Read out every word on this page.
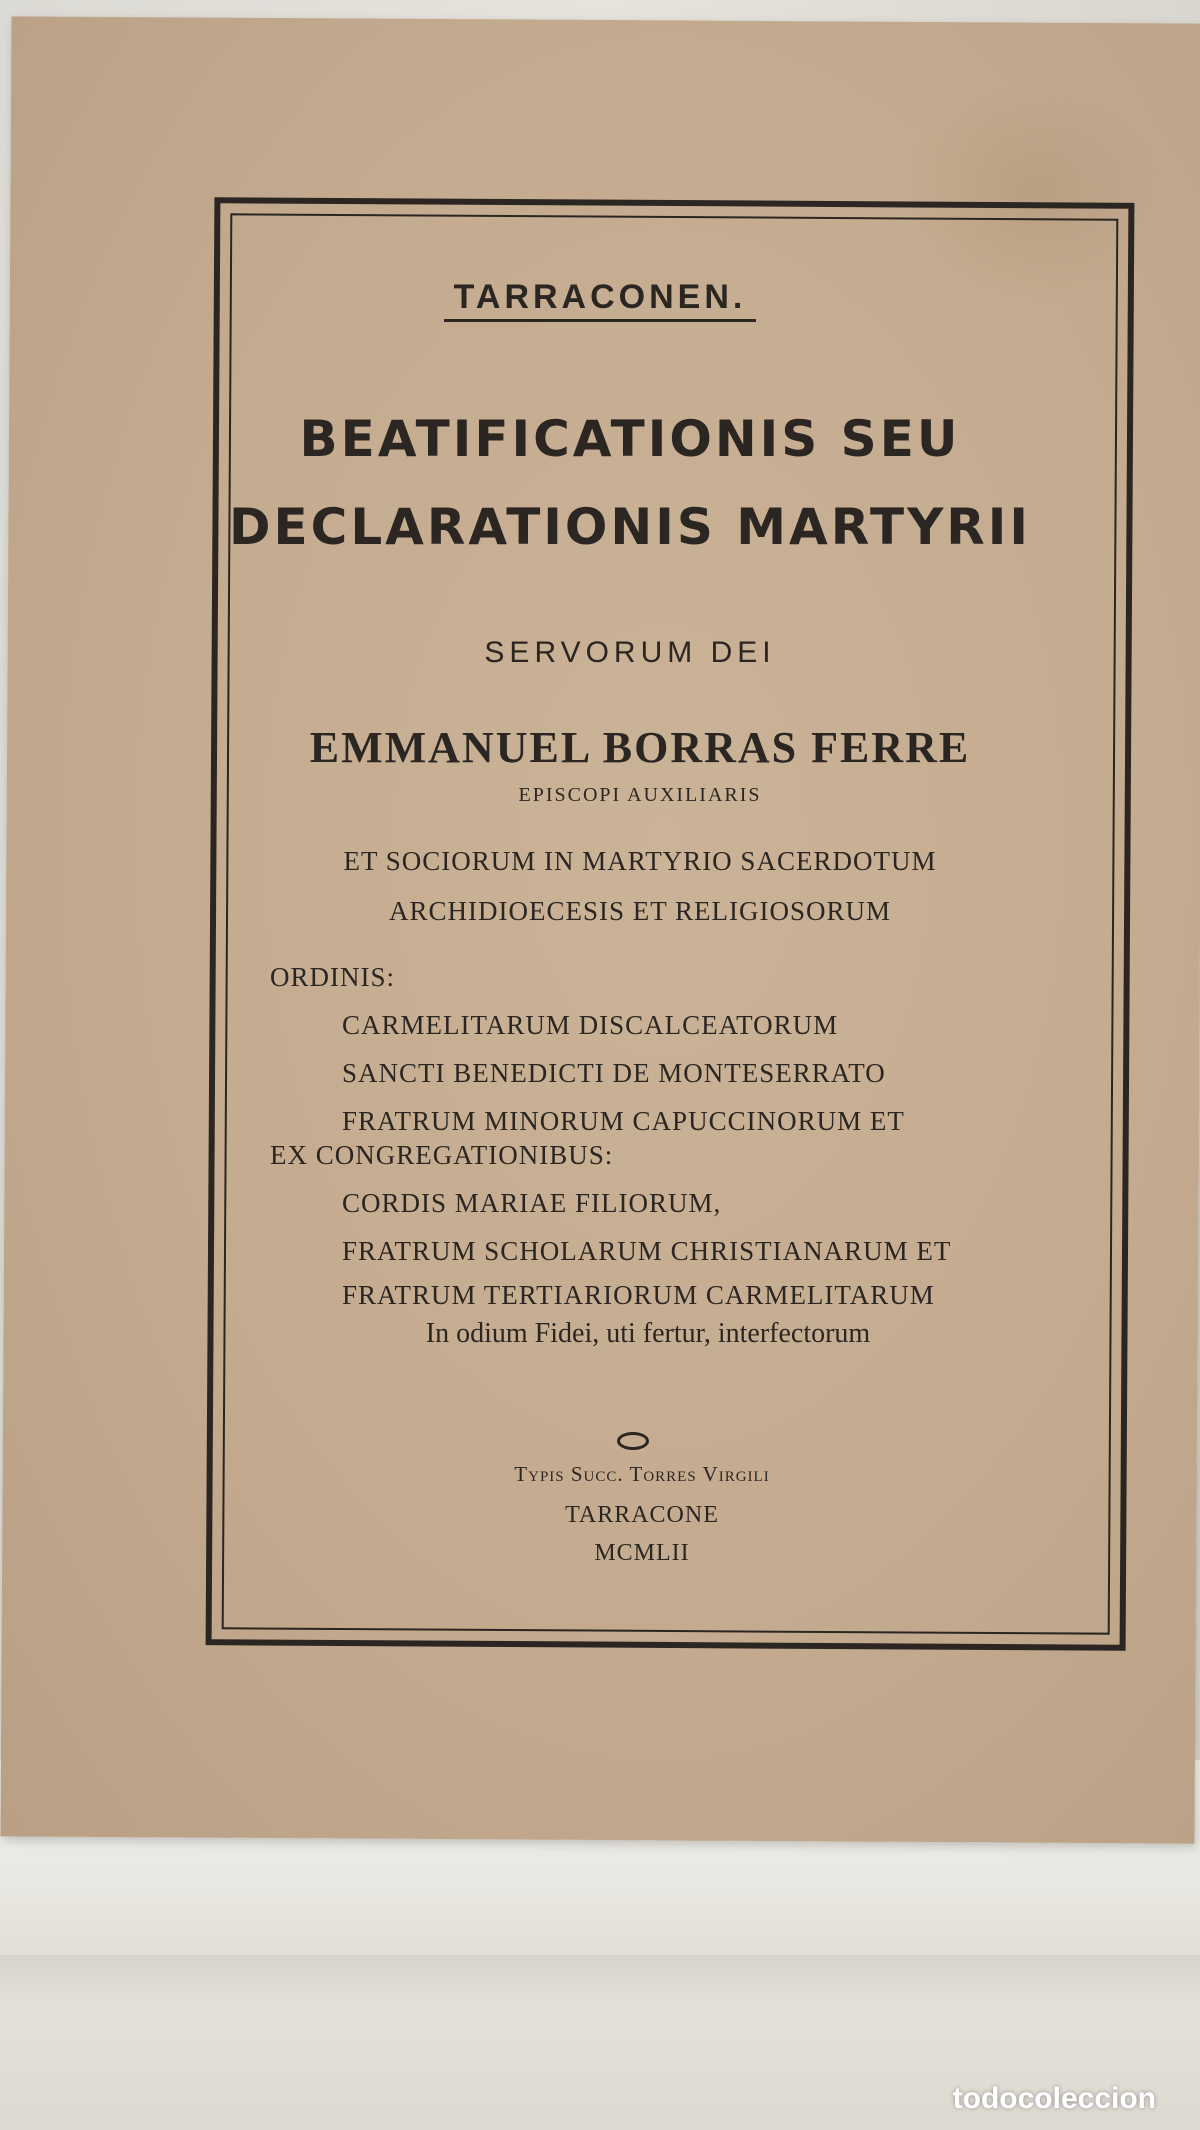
TARRACONEN.
BEATIFICATIONIS SEU
DECLARATIONIS MARTYRII
SERVORUM DEI
EMMANUEL BORRAS FERRE
EPISCOPI AUXILIARIS
ET SOCIORUM IN MARTYRIO SACERDOTUM
ARCHIDIOECESIS ET RELIGIOSORUM
ORDINIS:
CARMELITARUM DISCALCEATORUM
SANCTI BENEDICTI DE MONTESERRATO
FRATRUM MINORUM CAPUCCINORUM ET
EX CONGREGATIONIBUS:
CORDIS MARIAE FILIORUM,
FRATRUM SCHOLARUM CHRISTIANARUM ET
FRATRUM TERTIARIORUM CARMELITARUM
In odium Fidei, uti fertur, interfectorum
Typis Succ. Torres Virgili
TARRACONE
MCMLII
todocoleccion
